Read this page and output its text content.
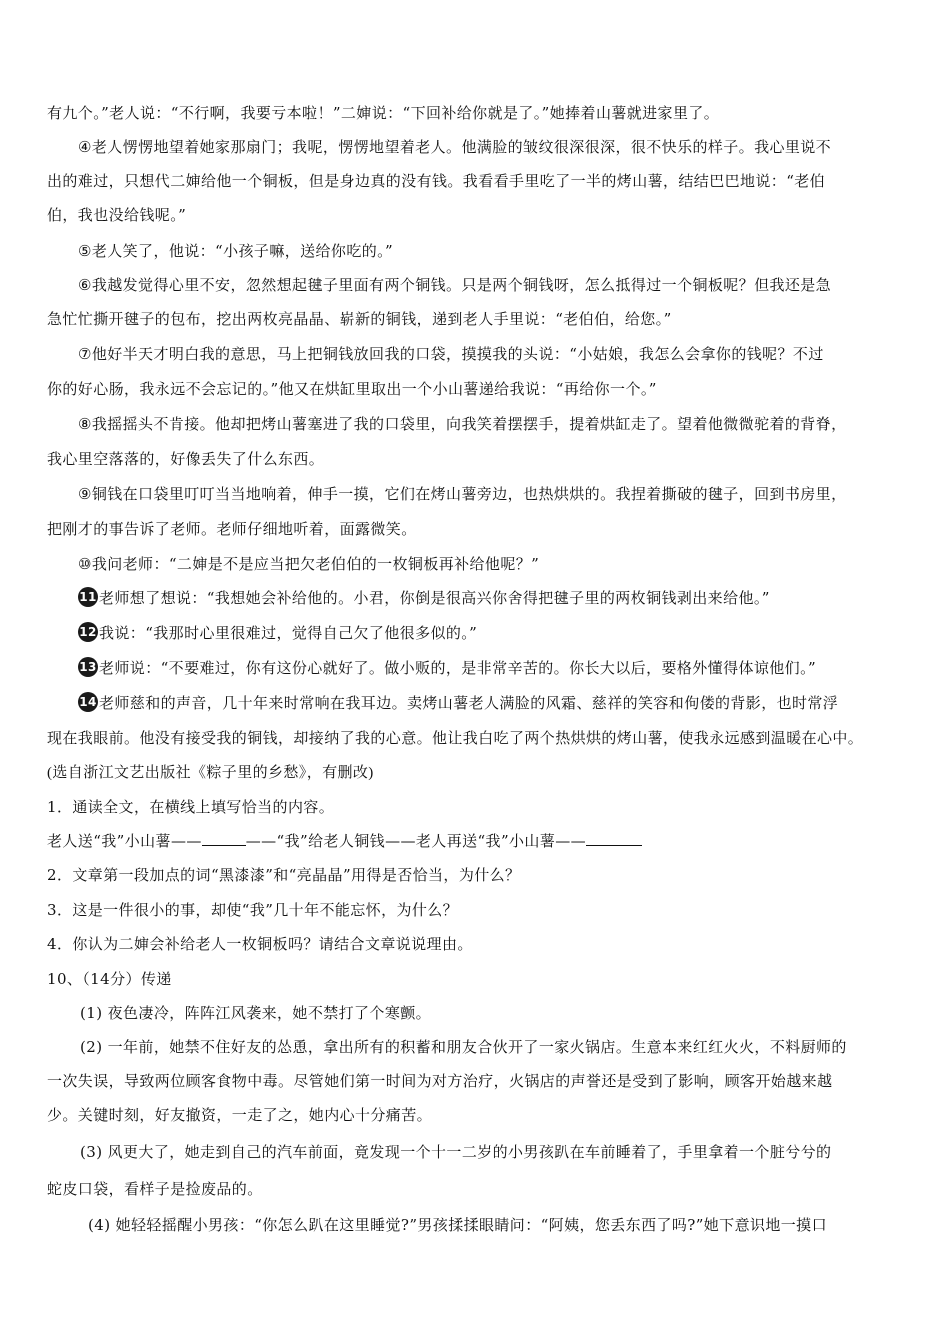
有九个。”老人说：“不行啊，我要亏本啦！”二婶说：“下回补给你就是了。”她捧着山薯就进家里了。
④老人愣愣地望着她家那扇门；我呢，愣愣地望着老人。他满脸的皱纹很深很深，很不快乐的样子。我心里说不
出的难过，只想代二婶给他一个铜板，但是身边真的没有钱。我看看手里吃了一半的烤山薯，结结巴巴地说：“老伯
伯，我也没给钱呢。”
⑤老人笑了，他说：“小孩子嘛，送给你吃的。”
⑥我越发觉得心里不安，忽然想起毽子里面有两个铜钱。只是两个铜钱呀，怎么抵得过一个铜板呢？但我还是急
急忙忙撕开毽子的包布，挖出两枚亮晶晶、崭新的铜钱，递到老人手里说：“老伯伯，给您。”
⑦他好半天才明白我的意思，马上把铜钱放回我的口袋，摸摸我的头说：“小姑娘，我怎么会拿你的钱呢？不过
你的好心肠，我永远不会忘记的。”他又在烘缸里取出一个小山薯递给我说：“再给你一个。”
⑧我摇摇头不肯接。他却把烤山薯塞进了我的口袋里，向我笑着摆摆手，提着烘缸走了。望着他微微驼着的背脊，
我心里空落落的，好像丢失了什么东西。
⑨铜钱在口袋里叮叮当当地响着，伸手一摸，它们在烤山薯旁边，也热烘烘的。我捏着撕破的毽子，回到书房里，
把刚才的事告诉了老师。老师仔细地听着，面露微笑。
⑩我问老师：“二婶是不是应当把欠老伯伯的一枚铜板再补给他呢？”
11 老师想了想说：“我想她会补给他的。小君，你倒是很高兴你舍得把毽子里的两枚铜钱剥出来给他。”
12 我说：“我那时心里很难过，觉得自己欠了他很多似的。”
13 老师说：“不要难过，你有这份心就好了。做小贩的，是非常辛苦的。你长大以后，要格外懂得体谅他们。”
14 老师慈和的声音，几十年来时常响在我耳边。卖烤山薯老人满脸的风霜、慈祥的笑容和佝偻的背影，也时常浮
现在我眼前。他没有接受我的铜钱，却接纳了我的心意。他让我白吃了两个热烘烘的烤山薯，使我永远感到温暖在心中。
(选自浙江文艺出版社《粽子里的乡愁》，有删改)
1．通读全文，在横线上填写恰当的内容。
老人送“我”小山薯——	——“我”给老人铜钱——老人再送“我”小山薯——
2．文章第一段加点的词“黑漆漆”和“亮晶晶”用得是否恰当，为什么？
3．这是一件很小的事，却使“我”几十年不能忘怀，为什么？
4．你认为二婶会补给老人一枚铜板吗？请结合文章说说理由。
10、（14分）传递
(1) 夜色凄冷，阵阵江风袭来，她不禁打了个寒颤。
(2) 一年前，她禁不住好友的怂恿，拿出所有的积蓄和朋友合伙开了一家火锅店。生意本来红红火火，不料厨师的
一次失误，导致两位顾客食物中毒。尽管她们第一时间为对方治疗，火锅店的声誉还是受到了影响，顾客开始越来越
少。关键时刻，好友撤资，一走了之，她内心十分痛苦。
(3) 风更大了，她走到自己的汽车前面，竟发现一个十一二岁的小男孩趴在车前睡着了，手里拿着一个脏兮兮的
蛇皮口袋，看样子是捡废品的。
(4) 她轻轻摇醒小男孩：“你怎么趴在这里睡觉?”男孩揉揉眼睛问：“阿姨，您丢东西了吗?”她下意识地一摸口
